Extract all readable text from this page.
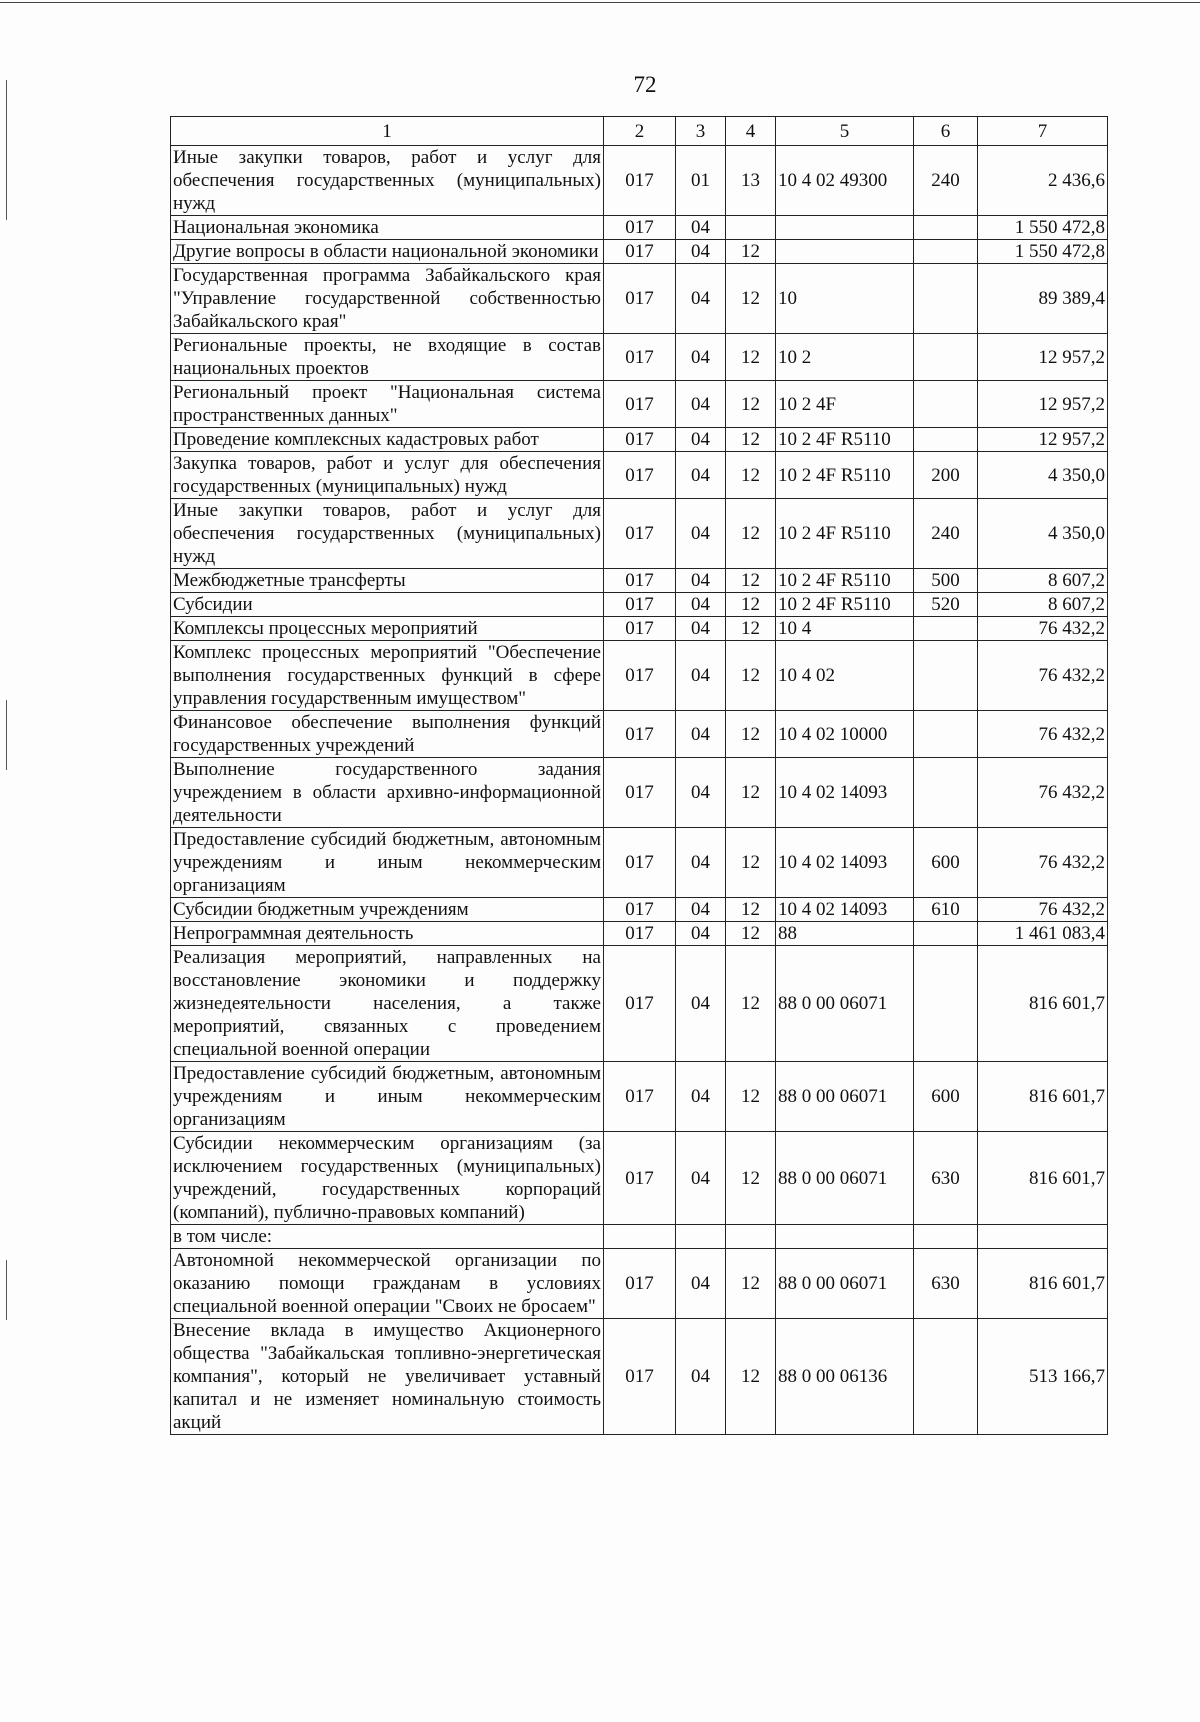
72
1	2	3	4	5	6	7
Иные закупки товаров, работ и услуг для обеспечения государственных (муниципальных) нужд	017	01	13	10 4 02 49300	240	2 436,6
Национальная экономика	017	04				1 550 472,8
Другие вопросы в области национальной экономики	017	04	12			1 550 472,8
Государственная программа Забайкальского края "Управление государственной собственностью Забайкальского края"	017	04	12	10		89 389,4
Региональные проекты, не входящие в состав национальных проектов	017	04	12	10 2		12 957,2
Региональный проект "Национальная система пространственных данных"	017	04	12	10 2 4F		12 957,2
Проведение комплексных кадастровых работ	017	04	12	10 2 4F R5110		12 957,2
Закупка товаров, работ и услуг для обеспечения государственных (муниципальных) нужд	017	04	12	10 2 4F R5110	200	4 350,0
Иные закупки товаров, работ и услуг для обеспечения государственных (муниципальных) нужд	017	04	12	10 2 4F R5110	240	4 350,0
Межбюджетные трансферты	017	04	12	10 2 4F R5110	500	8 607,2
Субсидии	017	04	12	10 2 4F R5110	520	8 607,2
Комплексы процессных мероприятий	017	04	12	10 4		76 432,2
Комплекс процессных мероприятий "Обеспечение выполнения государственных функций в сфере управления государственным имуществом"	017	04	12	10 4 02		76 432,2
Финансовое обеспечение выполнения функций государственных учреждений	017	04	12	10 4 02 10000		76 432,2
Выполнение государственного задания учреждением в области архивно-информационной деятельности	017	04	12	10 4 02 14093		76 432,2
Предоставление субсидий бюджетным, автономным учреждениям и иным некоммерческим организациям	017	04	12	10 4 02 14093	600	76 432,2
Субсидии бюджетным учреждениям	017	04	12	10 4 02 14093	610	76 432,2
Непрограммная деятельность	017	04	12	88		1 461 083,4
Реализация мероприятий, направленных на восстановление экономики и поддержку жизнедеятельности населения, а также мероприятий, связанных с проведением специальной военной операции	017	04	12	88 0 00 06071		816 601,7
Предоставление субсидий бюджетным, автономным учреждениям и иным некоммерческим организациям	017	04	12	88 0 00 06071	600	816 601,7
Субсидии некоммерческим организациям (за исключением государственных (муниципальных) учреждений, государственных корпораций (компаний), публично-правовых компаний)	017	04	12	88 0 00 06071	630	816 601,7
в том числе:						
Автономной некоммерческой организации по оказанию помощи гражданам в условиях специальной военной операции "Своих не бросаем"	017	04	12	88 0 00 06071	630	816 601,7
Внесение вклада в имущество Акционерного общества "Забайкальская топливно-энергетическая компания", который не увеличивает уставный капитал и не изменяет номинальную стоимость акций	017	04	12	88 0 00 06136		513 166,7
